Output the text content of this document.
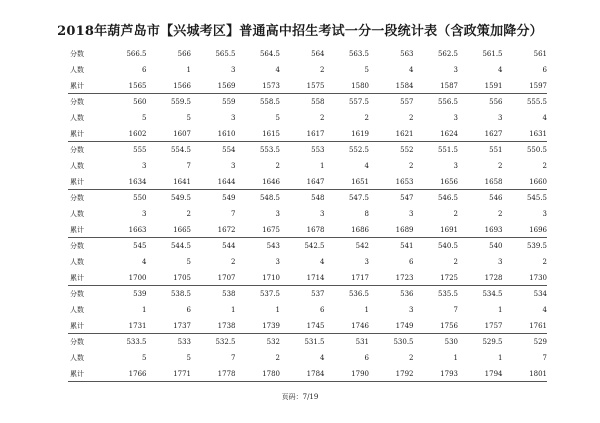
2018年葫芦岛市【兴城考区】普通高中招生考试一分一段统计表（含政策加降分）
分数	566.5	566	565.5	564.5	564	563.5	563	562.5	561.5	561
人数	6	1	3	4	2	5	4	3	4	6
累计	1565	1566	1569	1573	1575	1580	1584	1587	1591	1597
分数	560	559.5	559	558.5	558	557.5	557	556.5	556	555.5
人数	5	5	3	5	2	2	2	3	3	4
累计	1602	1607	1610	1615	1617	1619	1621	1624	1627	1631
分数	555	554.5	554	553.5	553	552.5	552	551.5	551	550.5
人数	3	7	3	2	1	4	2	3	2	2
累计	1634	1641	1644	1646	1647	1651	1653	1656	1658	1660
分数	550	549.5	549	548.5	548	547.5	547	546.5	546	545.5
人数	3	2	7	3	3	8	3	2	2	3
累计	1663	1665	1672	1675	1678	1686	1689	1691	1693	1696
分数	545	544.5	544	543	542.5	542	541	540.5	540	539.5
人数	4	5	2	3	4	3	6	2	3	2
累计	1700	1705	1707	1710	1714	1717	1723	1725	1728	1730
分数	539	538.5	538	537.5	537	536.5	536	535.5	534.5	534
人数	1	6	1	1	6	1	3	7	1	4
累计	1731	1737	1738	1739	1745	1746	1749	1756	1757	1761
分数	533.5	533	532.5	532	531.5	531	530.5	530	529.5	529
人数	5	5	7	2	4	6	2	1	1	7
累计	1766	1771	1778	1780	1784	1790	1792	1793	1794	1801
页码：7/19
